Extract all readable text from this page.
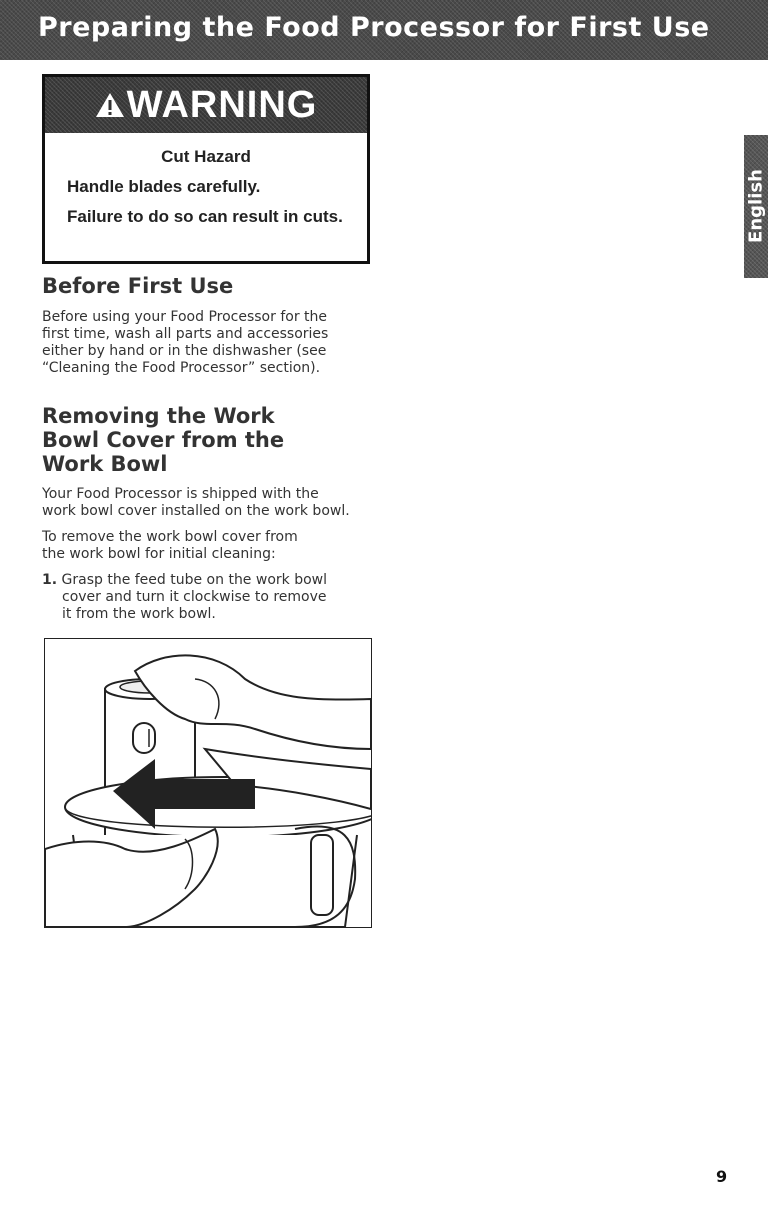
Preparing the Food Processor for First Use
WARNING
Cut Hazard
Handle blades carefully.
Failure to do so can result in cuts.
Before First Use
Before using your Food Processor for the
first time, wash all parts and accessories
either by hand or in the dishwasher (see
“Cleaning the Food Processor” section).
Removing the Work
Bowl Cover from the
Work Bowl
Your Food Processor is shipped with the
work bowl cover installed on the work bowl.
To remove the work bowl cover from
the work bowl for initial cleaning:
1. Grasp the feed tube on the work bowl
cover and turn it clockwise to remove
it from the work bowl.
English
9
